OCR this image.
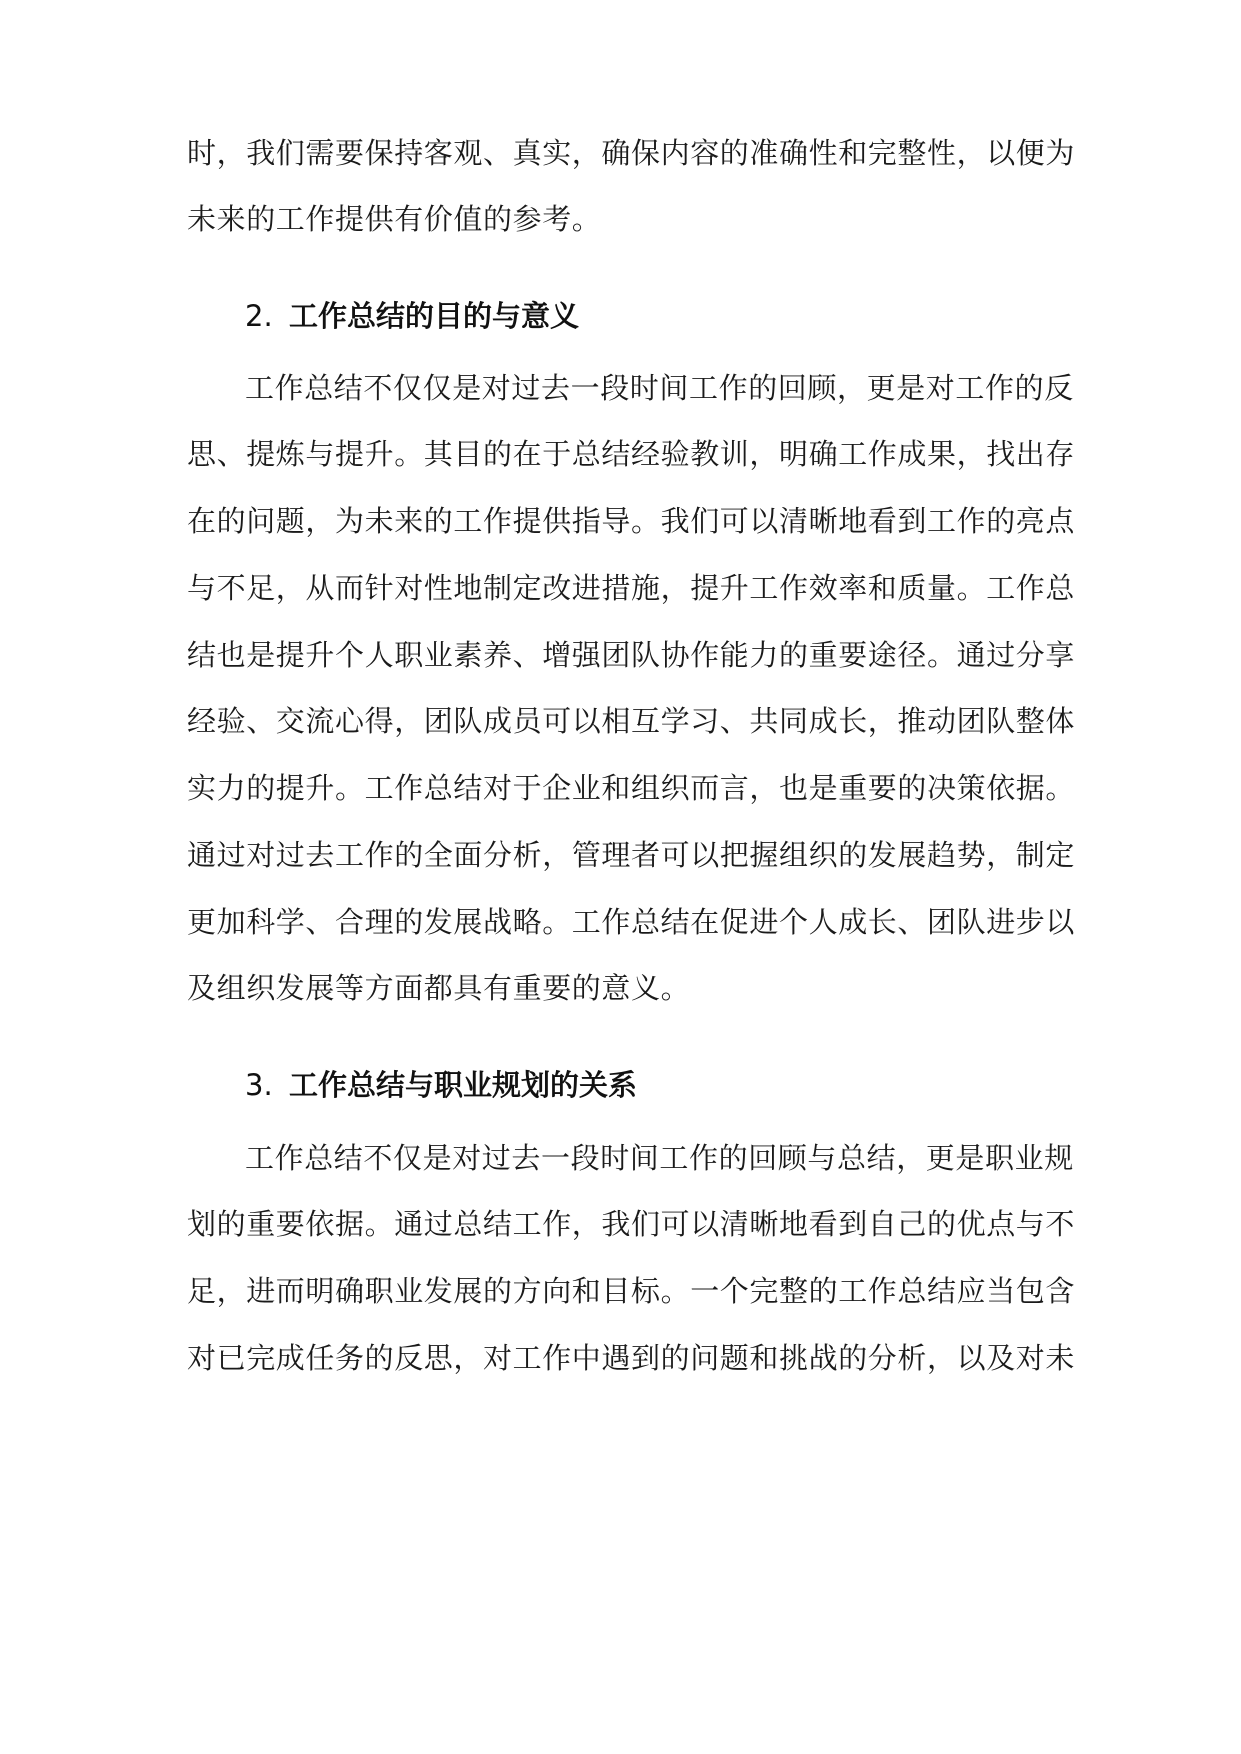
时，我们需要保持客观、真实，确保内容的准确性和完整性，以便为
未来的工作提供有价值的参考。
2. 工作总结的目的与意义
工作总结不仅仅是对过去一段时间工作的回顾，更是对工作的反
思、提炼与提升。其目的在于总结经验教训，明确工作成果，找出存
在的问题，为未来的工作提供指导。我们可以清晰地看到工作的亮点
与不足，从而针对性地制定改进措施，提升工作效率和质量。工作总
结也是提升个人职业素养、增强团队协作能力的重要途径。通过分享
经验、交流心得，团队成员可以相互学习、共同成长，推动团队整体
实力的提升。工作总结对于企业和组织而言，也是重要的决策依据。
通过对过去工作的全面分析，管理者可以把握组织的发展趋势，制定
更加科学、合理的发展战略。工作总结在促进个人成长、团队进步以
及组织发展等方面都具有重要的意义。
3. 工作总结与职业规划的关系
工作总结不仅是对过去一段时间工作的回顾与总结，更是职业规
划的重要依据。通过总结工作，我们可以清晰地看到自己的优点与不
足，进而明确职业发展的方向和目标。一个完整的工作总结应当包含
对已完成任务的反思，对工作中遇到的问题和挑战的分析，以及对未
